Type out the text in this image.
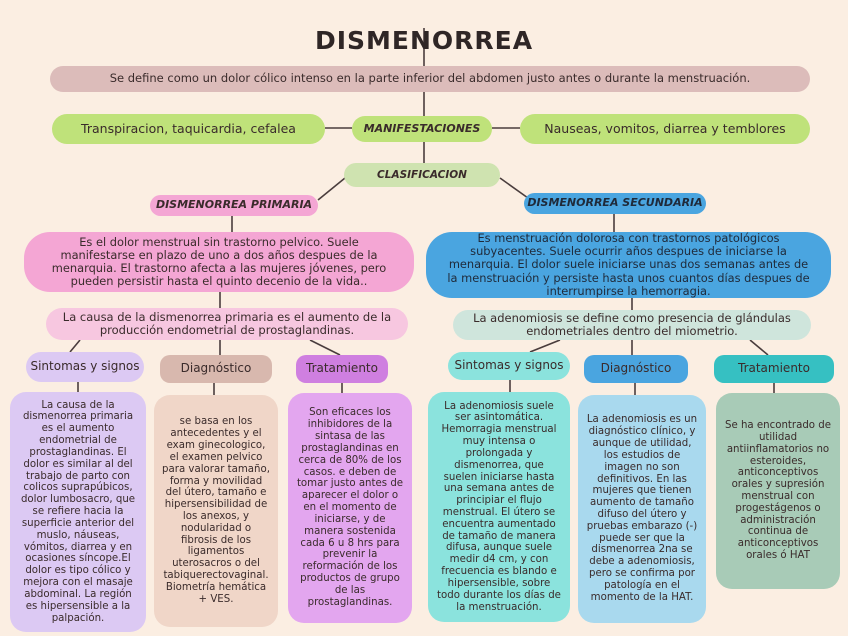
DISMENORREA
Se define como un dolor cólico intenso en la parte inferior del abdomen justo antes o durante la menstruación.
Transpiracion, taquicardia, cefalea	MANIFESTACIONES	Nauseas, vomitos, diarrea y temblores
CLASIFICACION
DISMENORREA PRIMARIA	DISMENORREA SECUNDARIA
Es el dolor menstrual sin trastorno pelvico. Suele manifestarse en plazo de uno a dos años despues de la menarquia. El trastorno afecta a las mujeres jóvenes, pero pueden persistir hasta el quinto decenio de la vida..
Es menstruación dolorosa con trastornos patológicos subyacentes. Suele ocurrir años despues de iniciarse la menarquia. El dolor suele iniciarse unas dos semanas antes de la menstruación y persiste hasta unos cuantos días despues de interrumpirse la hemorragia.
La causa de la dismenorrea primaria es el aumento de la producción endometrial de prostaglandinas.
La adenomiosis se define como presencia de glándulas endometriales dentro del miometrio.
Sintomas y signos	Diagnóstico	Tratamiento	Sintomas y signos	Diagnóstico	Tratamiento
La causa de la dismenorrea primaria es el aumento endometrial de prostaglandinas. El dolor es similar al del trabajo de parto con colicos suprapúbicos, dolor lumbosacro, que se refiere hacia la superficie anterior del muslo, náuseas, vómitos, diarrea y en ocasiones síncope.El dolor es tipo cólico y mejora con el masaje abdominal. La región es hipersensible a la palpación.
se basa en los antecedentes y el exam ginecologico, el examen pelvico para valorar tamaño, forma y movilidad del útero, tamaño e hipersensibilidad de los anexos, y nodularidad o fibrosis de los ligamentos uterosacros o del tabiquerectovaginal. Biometría hemática + VES.
Son eficaces los inhibidores de la sintasa de las prostaglandinas en cerca de 80% de los casos. e deben de tomar justo antes de aparecer el dolor o en el momento de iniciarse, y de manera sostenida cada 6 u 8 hrs para prevenir la reformación de los productos de grupo de las prostaglandinas.
La adenomiosis suele ser asintomática. Hemorragia menstrual muy intensa o prolongada y dismenorrea, que suelen iniciarse hasta una semana antes de principiar el flujo menstrual. El útero se encuentra aumentado de tamaño de manera difusa, aunque suele medir d4 cm, y con frecuencia es blando e hipersensible, sobre todo durante los días de la menstruación.
La adenomiosis es un diagnóstico clínico, y aunque de utilidad, los estudios de imagen no son definitivos. En las mujeres que tienen aumento de tamaño difuso del útero y pruebas embarazo (-) puede ser que la dismenorrea 2na se debe a adenomiosis, pero se confirma por patología en el momento de la HAT.
Se ha encontrado de utilidad antiinflamatorios no esteroides, anticonceptivos orales y supresión menstrual con progestágenos o administración continua de anticonceptivos orales ó HAT
